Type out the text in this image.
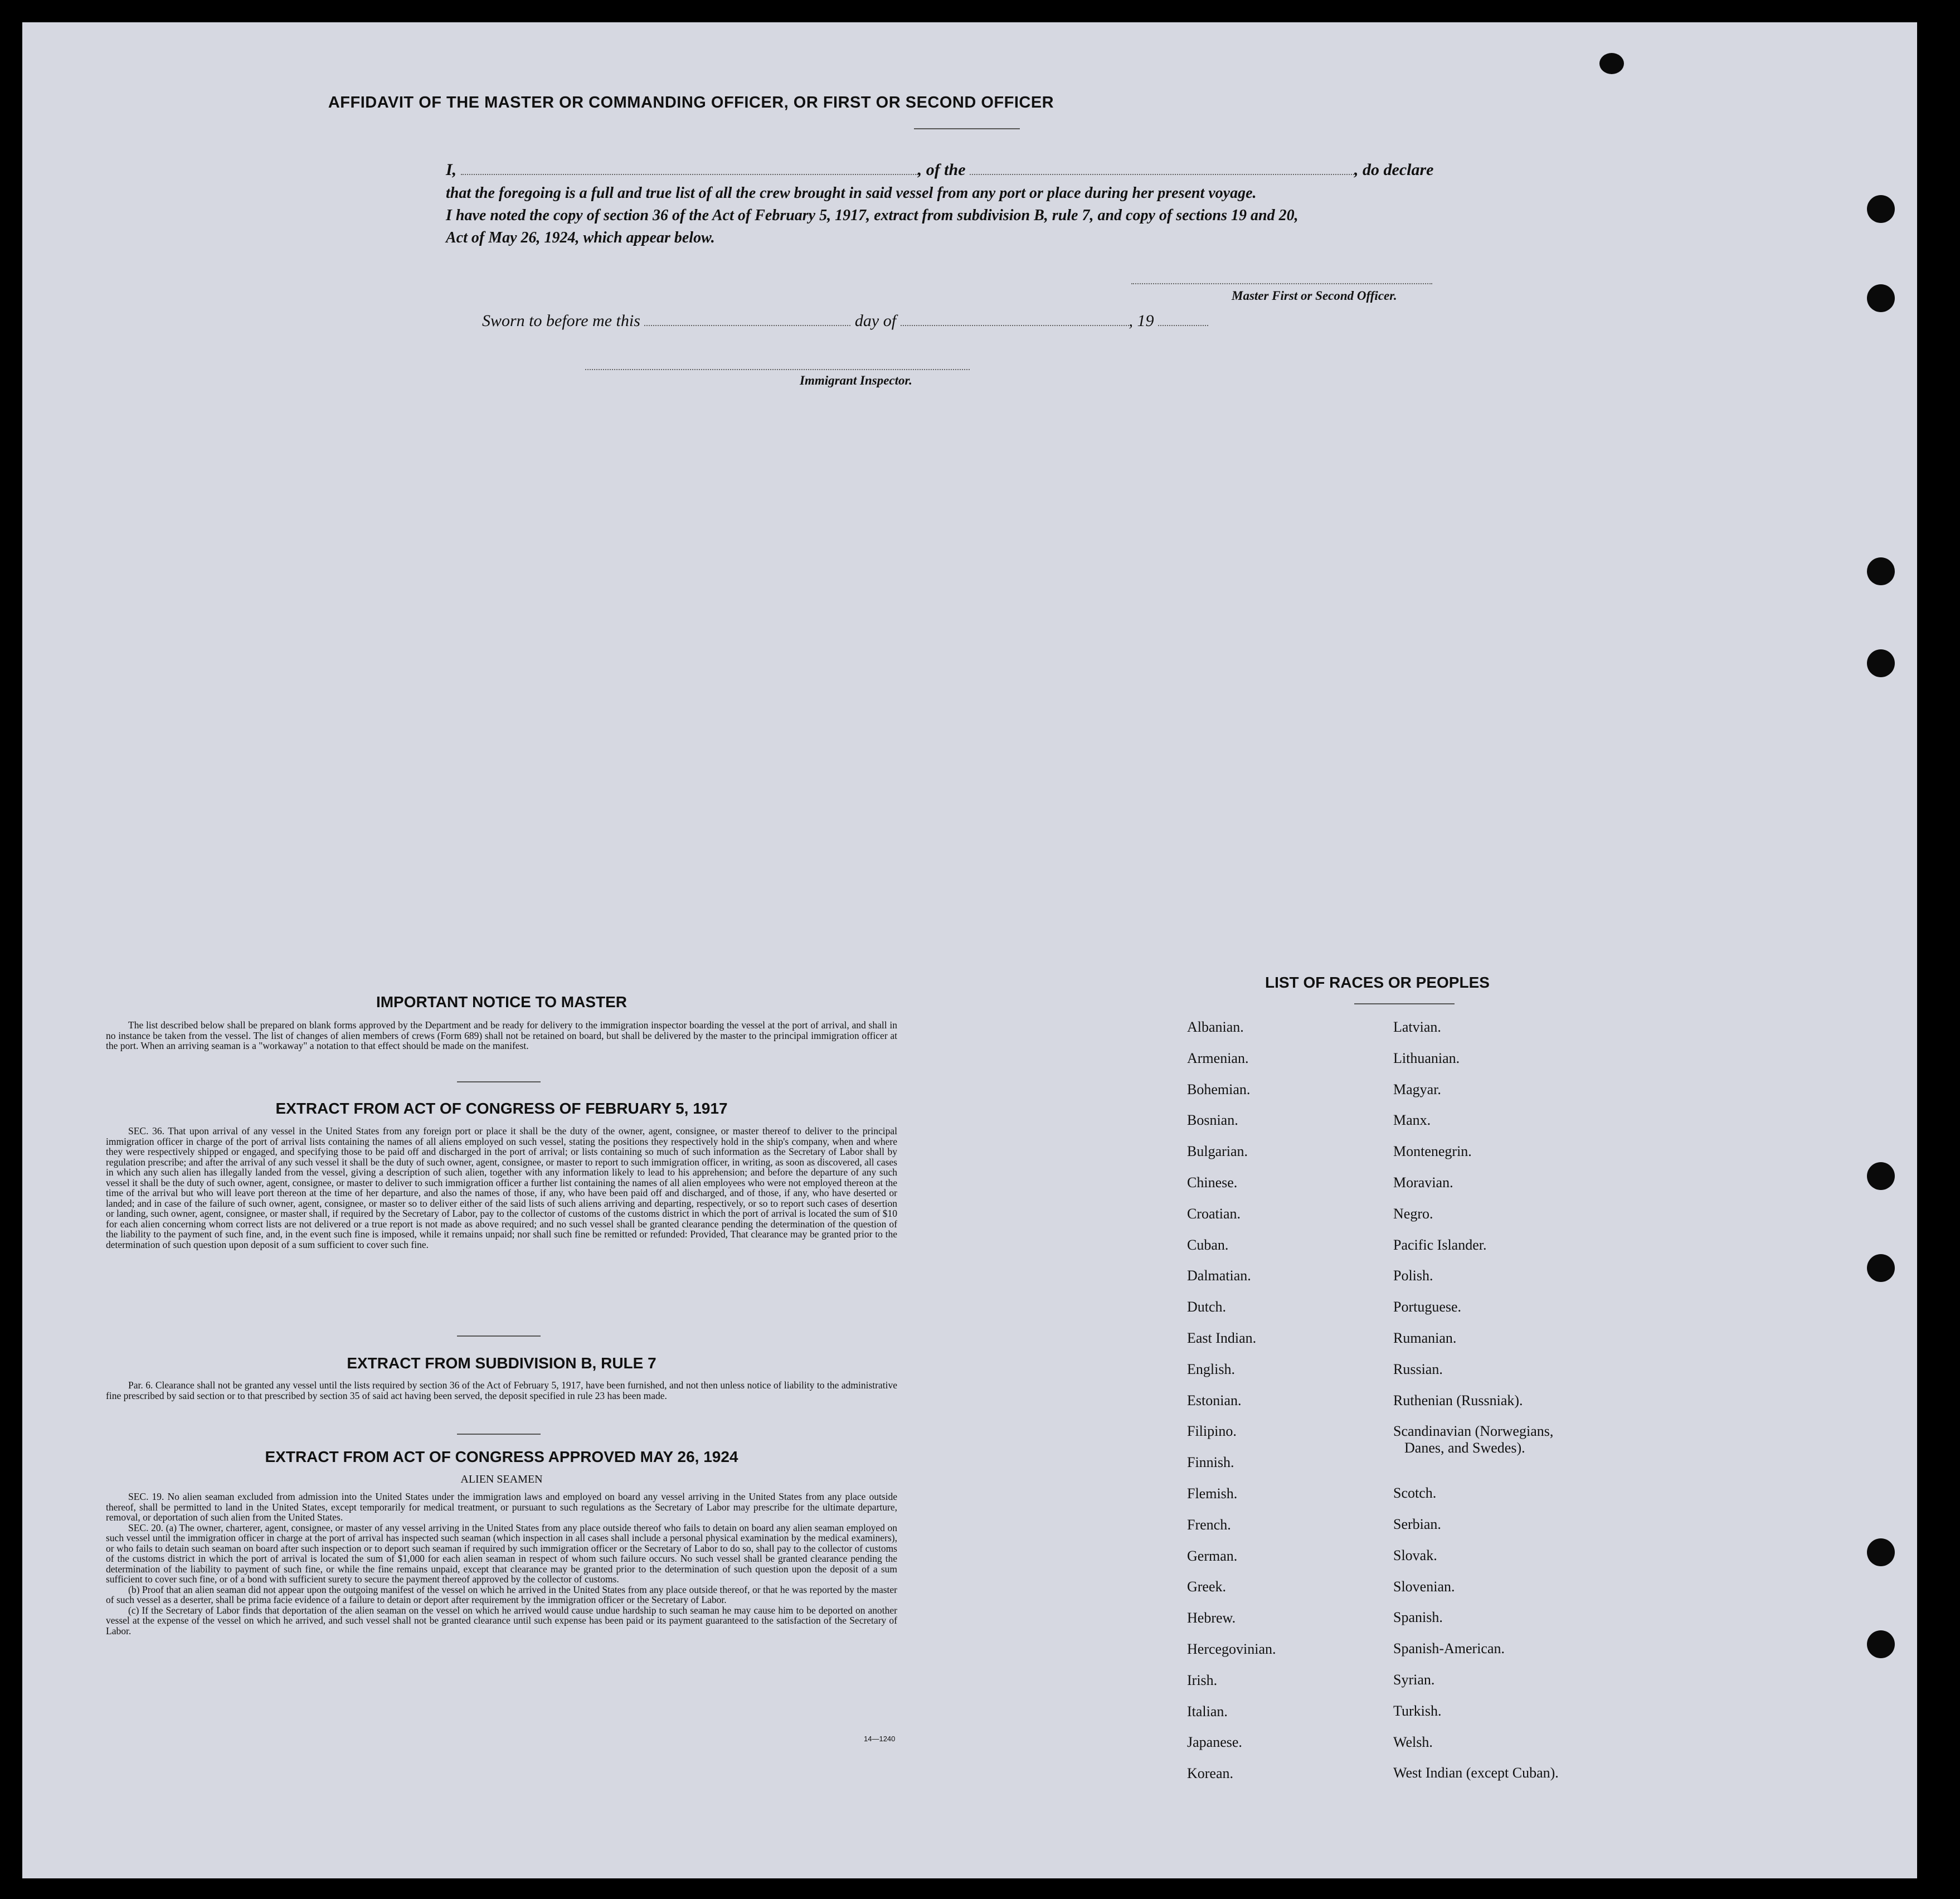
AFFIDAVIT OF THE MASTER OR COMMANDING OFFICER, OR FIRST OR SECOND OFFICER
I,	, of the	, do declare
that the foregoing is a full and true list of all the crew brought in said vessel from any port or place during her present voyage.
I have noted the copy of section 36 of the Act of February 5, 1917, extract from subdivision B, rule 7, and copy of sections 19 and 20,
Act of May 26, 1924, which appear below.
Master First or Second Officer.
Sworn to before me this	day of	, 19
Immigrant Inspector.
IMPORTANT NOTICE TO MASTER

The list described below shall be prepared on blank forms approved by the Department and be ready for delivery to the immigration inspector boarding the vessel at the port of arrival, and shall in no instance be taken from the vessel. The list of changes of alien members of crews (Form 689) shall not be retained on board, but shall be delivered by the master to the principal immigration officer at the port. When an arriving seaman is a "workaway" a notation to that effect should be made on the manifest.

EXTRACT FROM ACT OF CONGRESS OF FEBRUARY 5, 1917

SEC. 36. That upon arrival of any vessel in the United States from any foreign port or place it shall be the duty of the owner, agent, consignee, or master thereof to deliver to the principal immigration officer in charge of the port of arrival lists containing the names of all aliens employed on such vessel, stating the positions they respectively hold in the ship's company, when and where they were respectively shipped or engaged, and specifying those to be paid off and discharged in the port of arrival; or lists containing so much of such information as the Secretary of Labor shall by regulation prescribe; and after the arrival of any such vessel it shall be the duty of such owner, agent, consignee, or master to report to such immigration officer, in writing, as soon as discovered, all cases in which any such alien has illegally landed from the vessel, giving a description of such alien, together with any information likely to lead to his apprehension; and before the departure of any such vessel it shall be the duty of such owner, agent, consignee, or master to deliver to such immigration officer a further list containing the names of all alien employees who were not employed thereon at the time of the arrival but who will leave port thereon at the time of her departure, and also the names of those, if any, who have been paid off and discharged, and of those, if any, who have deserted or landed; and in case of the failure of such owner, agent, consignee, or master so to deliver either of the said lists of such aliens arriving and departing, respectively, or so to report such cases of desertion or landing, such owner, agent, consignee, or master shall, if required by the Secretary of Labor, pay to the collector of customs of the customs district in which the port of arrival is located the sum of $10 for each alien concerning whom correct lists are not delivered or a true report is not made as above required; and no such vessel shall be granted clearance pending the determination of the question of the liability to the payment of such fine, and, in the event such fine is imposed, while it remains unpaid; nor shall such fine be remitted or refunded: Provided, That clearance may be granted prior to the determination of such question upon deposit of a sum sufficient to cover such fine.

EXTRACT FROM SUBDIVISION B, RULE 7

Par. 6. Clearance shall not be granted any vessel until the lists required by section 36 of the Act of February 5, 1917, have been furnished, and not then unless notice of liability to the administrative fine prescribed by said section or to that prescribed by section 35 of said act having been served, the deposit specified in rule 23 has been made.

EXTRACT FROM ACT OF CONGRESS APPROVED MAY 26, 1924
ALIEN SEAMEN

SEC. 19. No alien seaman excluded from admission into the United States under the immigration laws and employed on board any vessel arriving in the United States from any place outside thereof, shall be permitted to land in the United States, except temporarily for medical treatment, or pursuant to such regulations as the Secretary of Labor may prescribe for the ultimate departure, removal, or deportation of such alien from the United States.

SEC. 20. (a) The owner, charterer, agent, consignee, or master of any vessel arriving in the United States from any place outside thereof who fails to detain on board any alien seaman employed on such vessel until the immigration officer in charge at the port of arrival has inspected such seaman (which inspection in all cases shall include a personal physical examination by the medical examiners), or who fails to detain such seaman on board after such inspection or to deport such seaman if required by such immigration officer or the Secretary of Labor to do so, shall pay to the collector of customs of the customs district in which the port of arrival is located the sum of $1,000 for each alien seaman in respect of whom such failure occurs. No such vessel shall be granted clearance pending the determination of the liability to payment of such fine, or while the fine remains unpaid, except that clearance may be granted prior to the determination of such question upon the deposit of a sum sufficient to cover such fine, or of a bond with sufficient surety to secure the payment thereof approved by the collector of customs.

(b) Proof that an alien seaman did not appear upon the outgoing manifest of the vessel on which he arrived in the United States from any place outside thereof, or that he was reported by the master of such vessel as a deserter, shall be prima facie evidence of a failure to detain or deport after requirement by the immigration officer or the Secretary of Labor.

(c) If the Secretary of Labor finds that deportation of the alien seaman on the vessel on which he arrived would cause undue hardship to such seaman he may cause him to be deported on another vessel at the expense of the vessel on which he arrived, and such vessel shall not be granted clearance until such expense has been paid or its payment guaranteed to the satisfaction of the Secretary of Labor.

14—1240
LIST OF RACES OR PEOPLES
Albanian.
Armenian.
Bohemian.
Bosnian.
Bulgarian.
Chinese.
Croatian.
Cuban.
Dalmatian.
Dutch.
East Indian.
English.
Estonian.
Filipino.
Finnish.
Flemish.
French.
German.
Greek.
Hebrew.
Hercegovinian.
Irish.
Italian.
Japanese.
Korean.
Latvian.
Lithuanian.
Magyar.
Manx.
Montenegrin.
Moravian.
Negro.
Pacific Islander.
Polish.
Portuguese.
Rumanian.
Russian.
Ruthenian (Russniak).
Scandinavian (Norwegians,
Danes, and Swedes).
Scotch.
Serbian.
Slovak.
Slovenian.
Spanish.
Spanish-American.
Syrian.
Turkish.
Welsh.
West Indian (except Cuban).
